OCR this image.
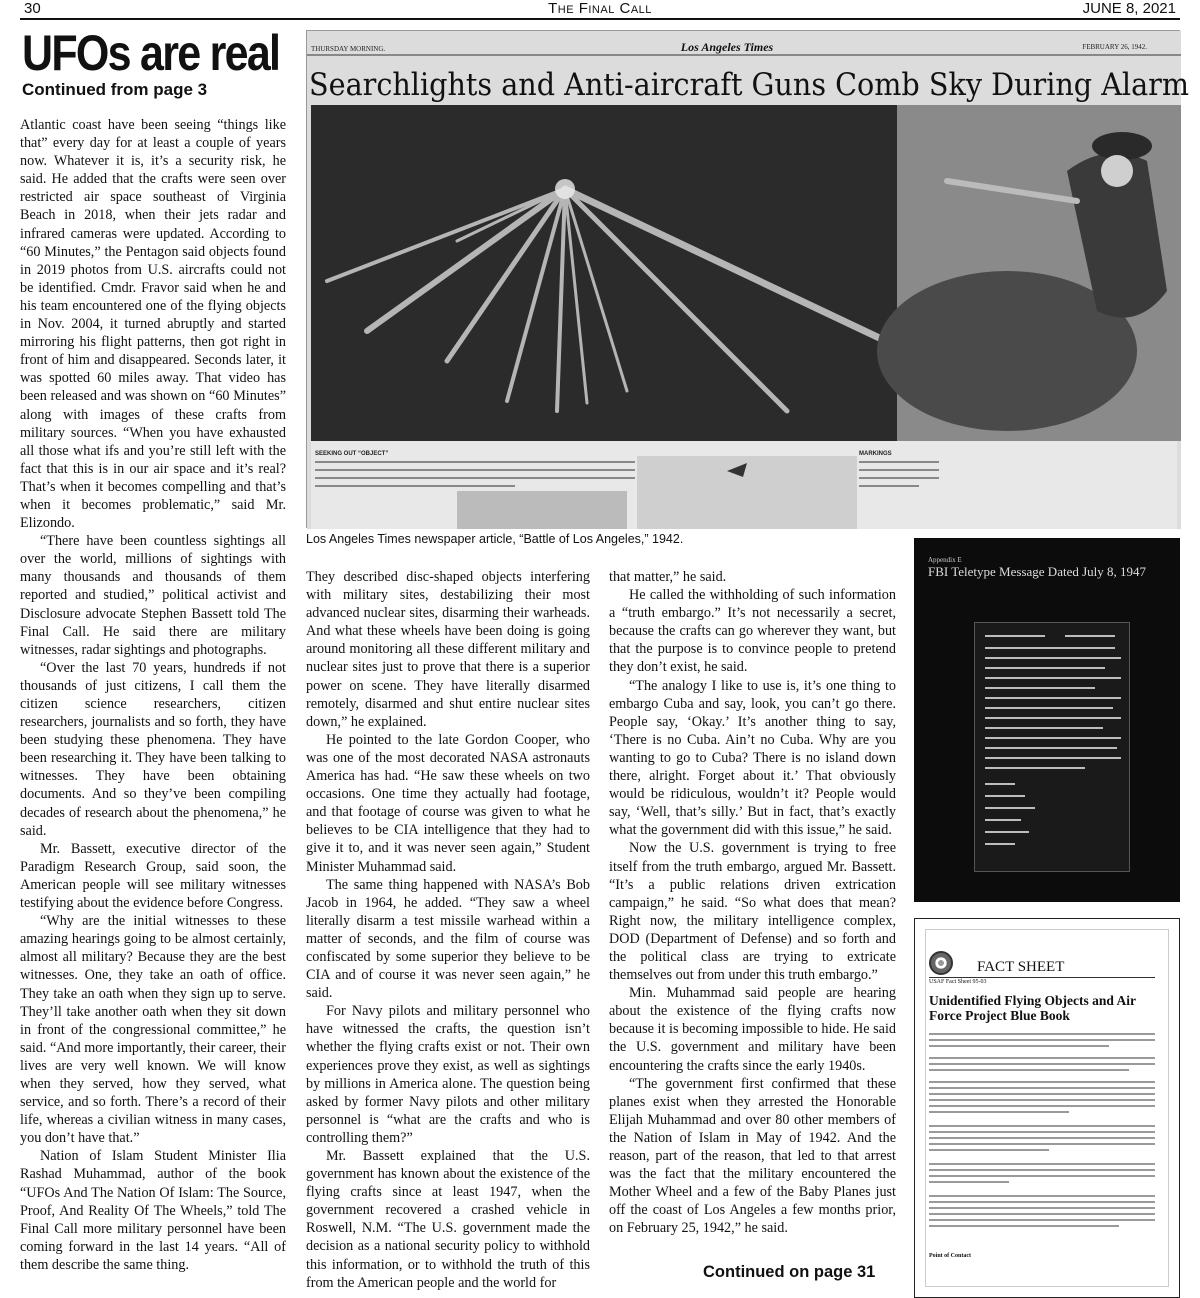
30	The Final Call	JUNE 8, 2021
UFOs are real
Continued from page 3

Atlantic coast have been seeing “things like that” every day for at least a couple of years now. Whatever it is, it’s a security risk, he said. He added that the crafts were seen over restricted air space southeast of Virginia Beach in 2018, when their jets radar and infrared cameras were updated. According to “60 Minutes,” the Pentagon said objects found in 2019 photos from U.S. aircrafts could not be identified. Cmdr. Fravor said when he and his team encountered one of the flying objects in Nov. 2004, it turned abruptly and started mirroring his flight patterns, then got right in front of him and disappeared. Seconds later, it was spotted 60 miles away. That video has been released and was shown on “60 Minutes” along with images of these crafts from military sources. “When you have exhausted all those what ifs and you’re still left with the fact that this is in our air space and it’s real? That’s when it becomes compelling and that’s when it becomes problematic,” said Mr. Elizondo.

“There have been countless sightings all over the world, millions of sightings with many thousands and thousands of them reported and studied,” political activist and Disclosure advocate Stephen Bassett told The Final Call. He said there are military witnesses, radar sightings and photographs.

“Over the last 70 years, hundreds if not thousands of just citizens, I call them the citizen science researchers, citizen researchers, journalists and so forth, they have been studying these phenomena. They have been researching it. They have been talking to witnesses. They have been obtaining documents. And so they’ve been compiling decades of research about the phenomena,” he said.

Mr. Bassett, executive director of the Paradigm Research Group, said soon, the American people will see military witnesses testifying about the evidence before Congress.

“Why are the initial witnesses to these amazing hearings going to be almost certainly, almost all military? Because they are the best witnesses. One, they take an oath of office. They take an oath when they sign up to serve. They’ll take another oath when they sit down in front of the congressional committee,” he said. “And more importantly, their career, their lives are very well known. We will know when they served, how they served, what service, and so forth. There’s a record of their life, whereas a civilian witness in many cases, you don’t have that.”

Nation of Islam Student Minister Ilia Rashad Muhammad, author of the book “UFOs And The Nation Of Islam: The Source, Proof, And Reality Of The Wheels,” told The Final Call more military personnel have been coming forward in the last 14 years. “All of them describe the same thing.

THURSDAY MORNING.	Los Angeles Times	FEBRUARY 26, 1942.
Searchlights and Anti-aircraft Guns Comb Sky During Alarm
SEEKING OUT “OBJECT”	MARKINGS
Los Angeles Times newspaper article, “Battle of Los Angeles,” 1942.

They described disc-shaped objects interfering with military sites, destabilizing their most advanced nuclear sites, disarming their warheads. And what these wheels have been doing is going around monitoring all these different military and nuclear sites just to prove that there is a superior power on scene. They have literally disarmed remotely, disarmed and shut entire nuclear sites down,” he explained.

He pointed to the late Gordon Cooper, who was one of the most decorated NASA astronauts America has had. “He saw these wheels on two occasions. One time they actually had footage, and that footage of course was given to what he believes to be CIA intelligence that they had to give it to, and it was never seen again,” Student Minister Muhammad said.

The same thing happened with NASA’s Bob Jacob in 1964, he added. “They saw a wheel literally disarm a test missile warhead within a matter of seconds, and the film of course was confiscated by some superior they believe to be CIA and of course it was never seen again,” he said.

For Navy pilots and military personnel who have witnessed the crafts, the question isn’t whether the flying crafts exist or not. Their own experiences prove they exist, as well as sightings by millions in America alone. The question being asked by former Navy pilots and other military personnel is “what are the crafts and who is controlling them?”

Mr. Bassett explained that the U.S. government has known about the existence of the flying crafts since at least 1947, when the government recovered a crashed vehicle in Roswell, N.M. “The U.S. government made the decision as a national security policy to withhold this information, or to withhold the truth of this from the American people and the world for

that matter,” he said.

He called the withholding of such information a “truth embargo.” It’s not necessarily a secret, because the crafts can go wherever they want, but that the purpose is to convince people to pretend they don’t exist, he said.

“The analogy I like to use is, it’s one thing to embargo Cuba and say, look, you can’t go there. People say, ‘Okay.’ It’s another thing to say, ‘There is no Cuba. Ain’t no Cuba. Why are you wanting to go to Cuba? There is no island down there, alright. Forget about it.’ That obviously would be ridiculous, wouldn’t it? People would say, ‘Well, that’s silly.’ But in fact, that’s exactly what the government did with this issue,” he said.

Now the U.S. government is trying to free itself from the truth embargo, argued Mr. Bassett. “It’s a public relations driven extrication campaign,” he said. “So what does that mean? Right now, the military intelligence complex, DOD (Department of Defense) and so forth and the political class are trying to extricate themselves out from under this truth embargo.”

Min. Muhammad said people are hearing about the existence of the flying crafts now because it is becoming impossible to hide. He said the U.S. government and military have been encountering the crafts since the early 1940s.

“The government first confirmed that these planes exist when they arrested the Honorable Elijah Muhammad and over 80 other members of the Nation of Islam in May of 1942. And the reason, part of the reason, that led to that arrest was the fact that the military encountered the Mother Wheel and a few of the Baby Planes just off the coast of Los Angeles a few months prior, on February 25, 1942,” he said.

Continued on page 31
Appendix E
FBI Teletype Message Dated July 8, 1947
FACT SHEET
USAF Fact Sheet 95-03
Unidentified Flying Objects and Air Force Project Blue Book
Point of Contact
